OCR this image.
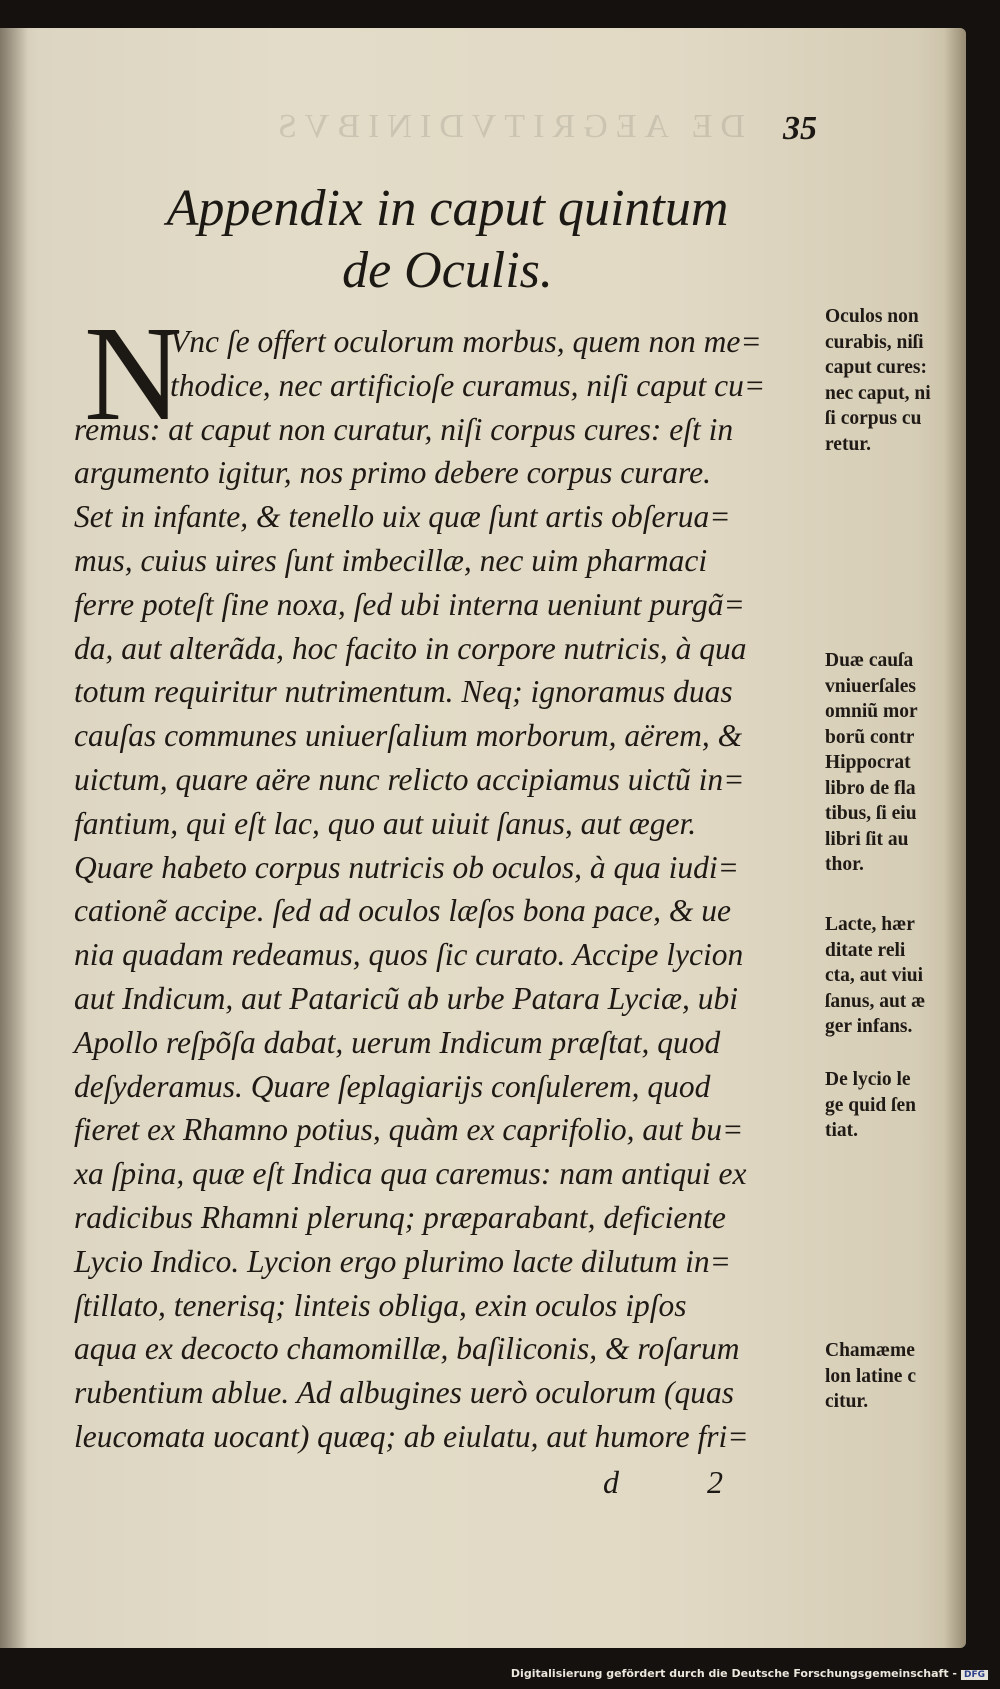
DE AEGRITVDINIBVS 35
Appendix in caput quintum
de Oculis.
N
Vnc ſe offert oculorum morbus, quem non me=
thodice, nec artificioſe curamus, niſi caput cu=
remus: at caput non curatur, niſi corpus cures: eſt in
argumento igitur, nos primo debere corpus curare.
Set in infante, & tenello uix quæ ſunt artis obſerua=
mus, cuius uires ſunt imbecillæ, nec uim pharmaci
ferre poteſt ſine noxa, ſed ubi interna ueniunt purgã=
da, aut alterãda, hoc facito in corpore nutricis, à qua
totum requiritur nutrimentum. Neq; ignoramus duas
cauſas communes uniuerſalium morborum, aërem, &
uictum, quare aëre nunc relicto accipiamus uictũ in=
fantium, qui eſt lac, quo aut uiuit ſanus, aut æger.
Quare habeto corpus nutricis ob oculos, à qua iudi=
cationẽ accipe. ſed ad oculos læſos bona pace, & ue
nia quadam redeamus, quos ſic curato. Accipe lycion
aut Indicum, aut Pataricũ ab urbe Patara Lyciæ, ubi
Apollo reſpõſa dabat, uerum Indicum præſtat, quod
deſyderamus. Quare ſeplagiarijs conſulerem, quod
fieret ex Rhamno potius, quàm ex caprifolio, aut bu=
xa ſpina, quæ eſt Indica qua caremus: nam antiqui ex
radicibus Rhamni plerunq; præparabant, deficiente
Lycio Indico. Lycion ergo plurimo lacte dilutum in=
ſtillato, tenerisq; linteis obliga, exin oculos ipſos
aqua ex decocto chamomillæ, baſiliconis, & roſarum
rubentium ablue. Ad albugines uerò oculorum (quas
leucomata uocant) quæq; ab eiulatu, aut humore fri=
d 2
Oculos non
curabis, niſi
caput cures:
nec caput, ni
ſi corpus cu
retur.
Duæ cauſa
vniuerſales
omniũ mor
borũ contr
Hippocrat
libro de fla
tibus, ſi eiu
libri ſit au
thor.
Lacte, hær
ditate reli
cta, aut viui
ſanus, aut æ
ger infans.
De lycio le
ge quid ſen
tiat.
Chamæme
lon latine c
citur.
Digitalisierung gefördert durch die Deutsche Forschungsgemeinschaft - DFG
